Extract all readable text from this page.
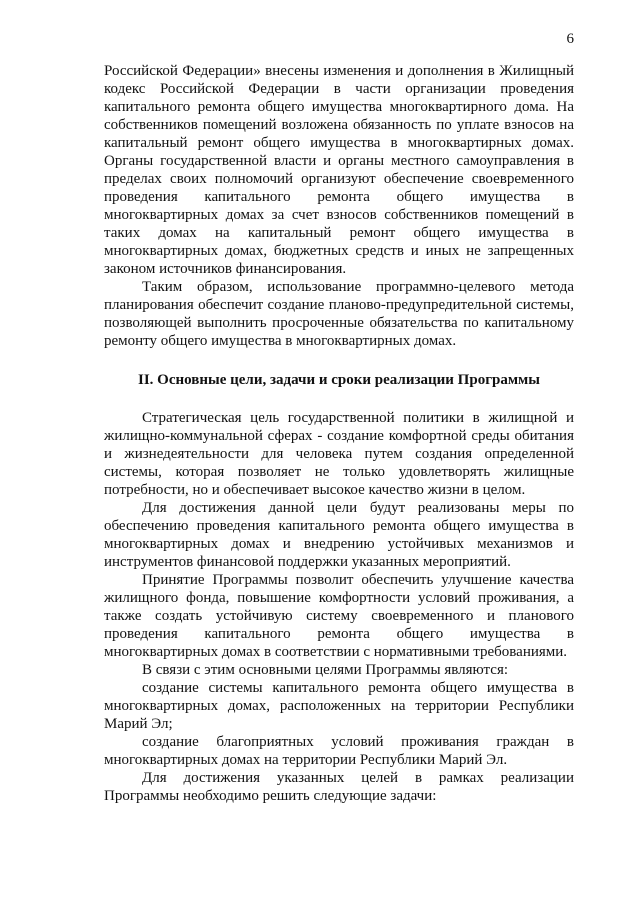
6

Российской Федерации» внесены изменения и дополнения в Жилищный кодекс Российской Федерации в части организации проведения капитального ремонта общего имущества многоквартирного дома. На собственников помещений возложена обязанность по уплате взносов на капитальный ремонт общего имущества в многоквартирных домах. Органы государственной власти и органы местного самоуправления в пределах своих полномочий организуют обеспечение своевременного проведения капитального ремонта общего имущества в многоквартирных домах за счет взносов собственников помещений в таких домах на капитальный ремонт общего имущества в многоквартирных домах, бюджетных средств и иных не запрещенных законом источников финансирования.

Таким образом, использование программно-целевого метода планирования обеспечит создание планово-предупредительной системы, позволяющей выполнить просроченные обязательства по капитальному ремонту общего имущества в многоквартирных домах.

II. Основные цели, задачи и сроки реализации Программы

Стратегическая цель государственной политики в жилищной и жилищно-коммунальной сферах - создание комфортной среды обитания и жизнедеятельности для человека путем создания определенной системы, которая позволяет не только удовлетворять жилищные потребности, но и обеспечивает высокое качество жизни в целом.

Для достижения данной цели будут реализованы меры по обеспечению проведения капитального ремонта общего имущества в многоквартирных домах и внедрению устойчивых механизмов и инструментов финансовой поддержки указанных мероприятий.

Принятие Программы позволит обеспечить улучшение качества жилищного фонда, повышение комфортности условий проживания, а также создать устойчивую систему своевременного и планового проведения капитального ремонта общего имущества в многоквартирных домах в соответствии с нормативными требованиями.

В связи с этим основными целями Программы являются:

создание системы капитального ремонта общего имущества в многоквартирных домах, расположенных на территории Республики Марий Эл;

создание благоприятных условий проживания граждан в многоквартирных домах на территории Республики Марий Эл.

Для достижения указанных целей в рамках реализации Программы необходимо решить следующие задачи:
